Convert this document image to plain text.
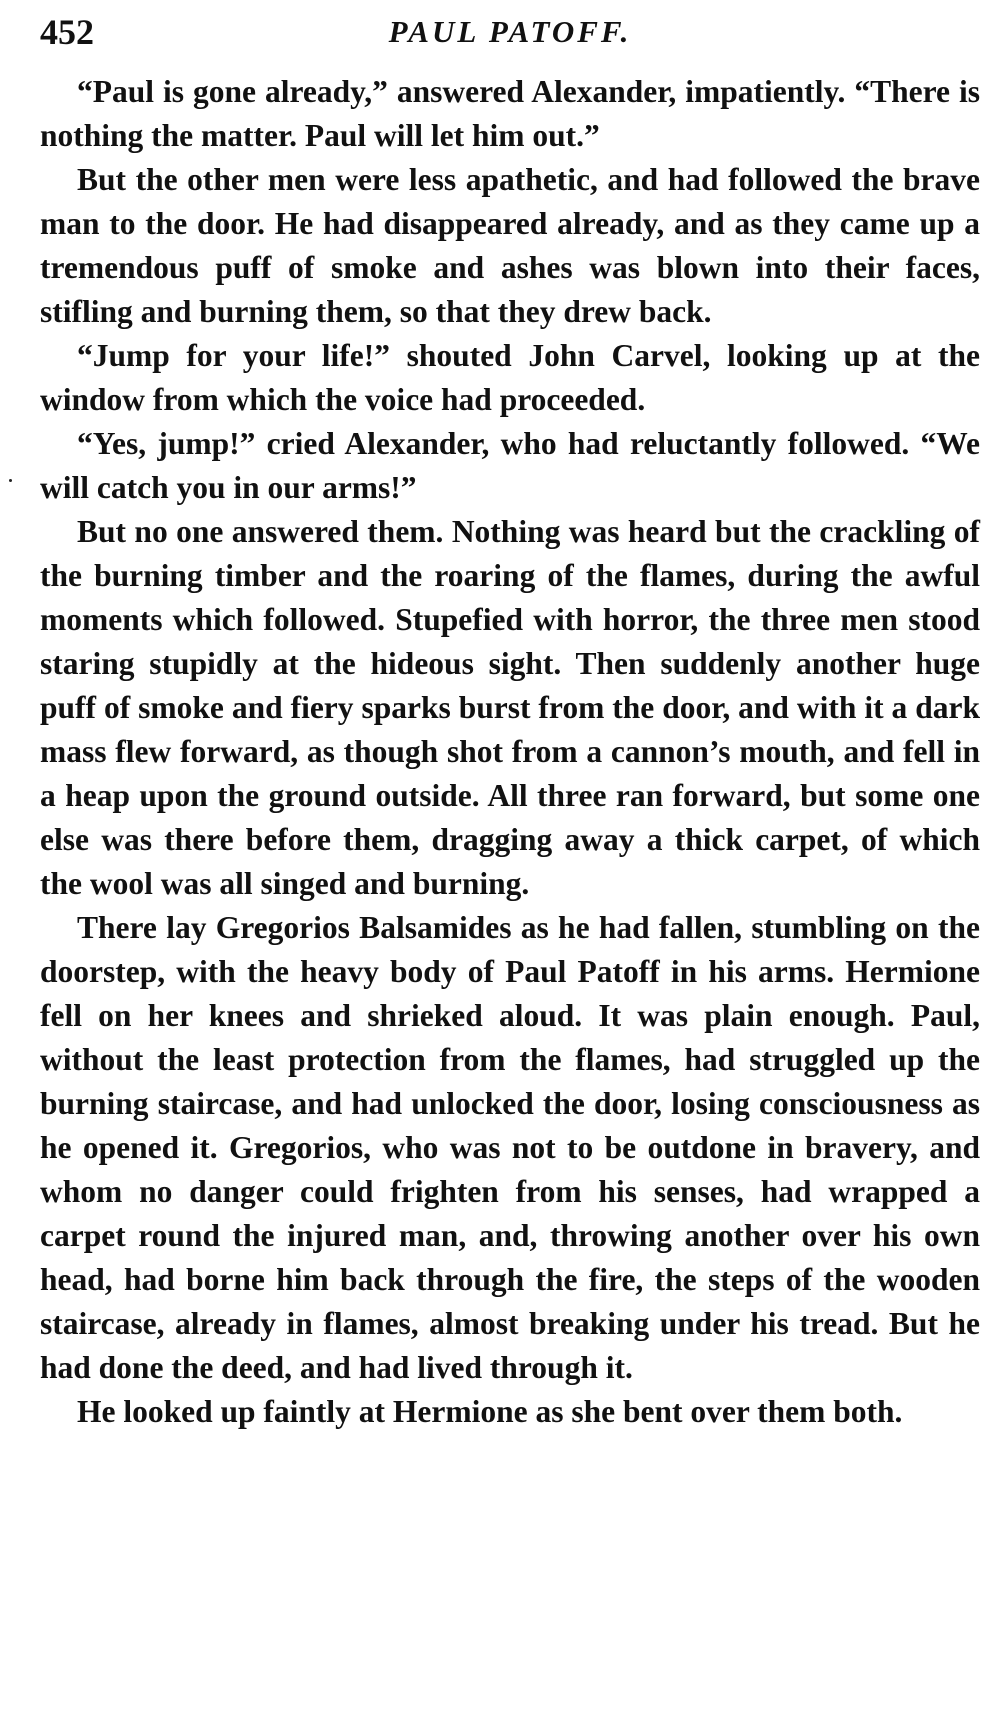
452	PAUL PATOFF.

“Paul is gone already,” answered Alexander, impatiently. “There is nothing the matter. Paul will let him out.”

But the other men were less apathetic, and had followed the brave man to the door. He had disappeared already, and as they came up a tremendous puff of smoke and ashes was blown into their faces, stifling and burning them, so that they drew back.

“Jump for your life!” shouted John Carvel, looking up at the window from which the voice had proceeded.

“Yes, jump!” cried Alexander, who had reluctantly followed. “We will catch you in our arms!”

But no one answered them. Nothing was heard but the crackling of the burning timber and the roaring of the flames, during the awful moments which followed. Stupefied with horror, the three men stood staring stupidly at the hideous sight. Then suddenly another huge puff of smoke and fiery sparks burst from the door, and with it a dark mass flew forward, as though shot from a cannon’s mouth, and fell in a heap upon the ground outside. All three ran forward, but some one else was there before them, dragging away a thick carpet, of which the wool was all singed and burning.

There lay Gregorios Balsamides as he had fallen, stumbling on the doorstep, with the heavy body of Paul Patoff in his arms. Hermione fell on her knees and shrieked aloud. It was plain enough. Paul, without the least protection from the flames, had struggled up the burning staircase, and had unlocked the door, losing consciousness as he opened it. Gregorios, who was not to be outdone in bravery, and whom no danger could frighten from his senses, had wrapped a carpet round the injured man, and, throwing another over his own head, had borne him back through the fire, the steps of the wooden staircase, already in flames, almost breaking under his tread. But he had done the deed, and had lived through it.

He looked up faintly at Hermione as she bent over them both.
